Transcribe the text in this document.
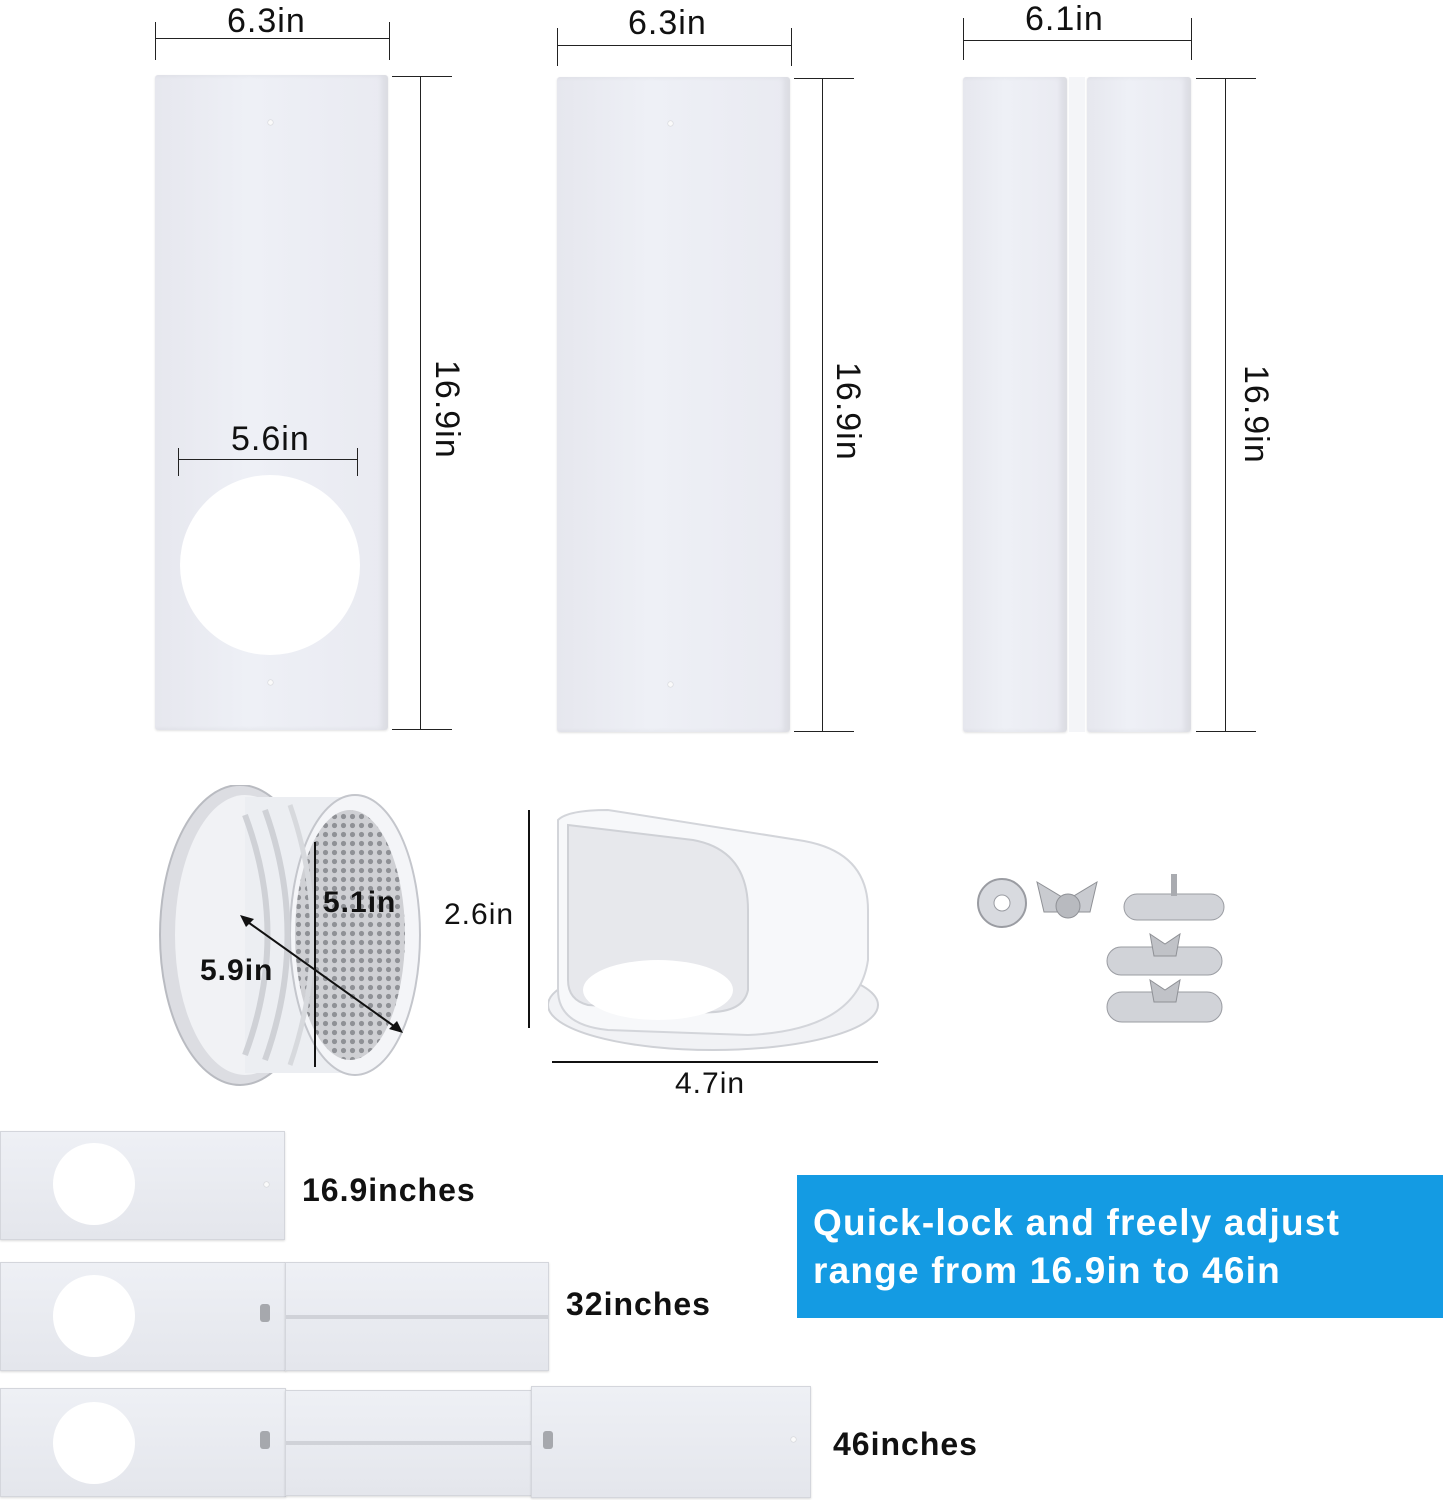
6.3in
16.9in
5.6in
6.3in
16.9in
6.1in
16.9in
5.1in
5.9in
2.6in
4.7in
16.9inches
32inches
46inches
Quick-lock and freely adjust
range from 16.9in to 46in
